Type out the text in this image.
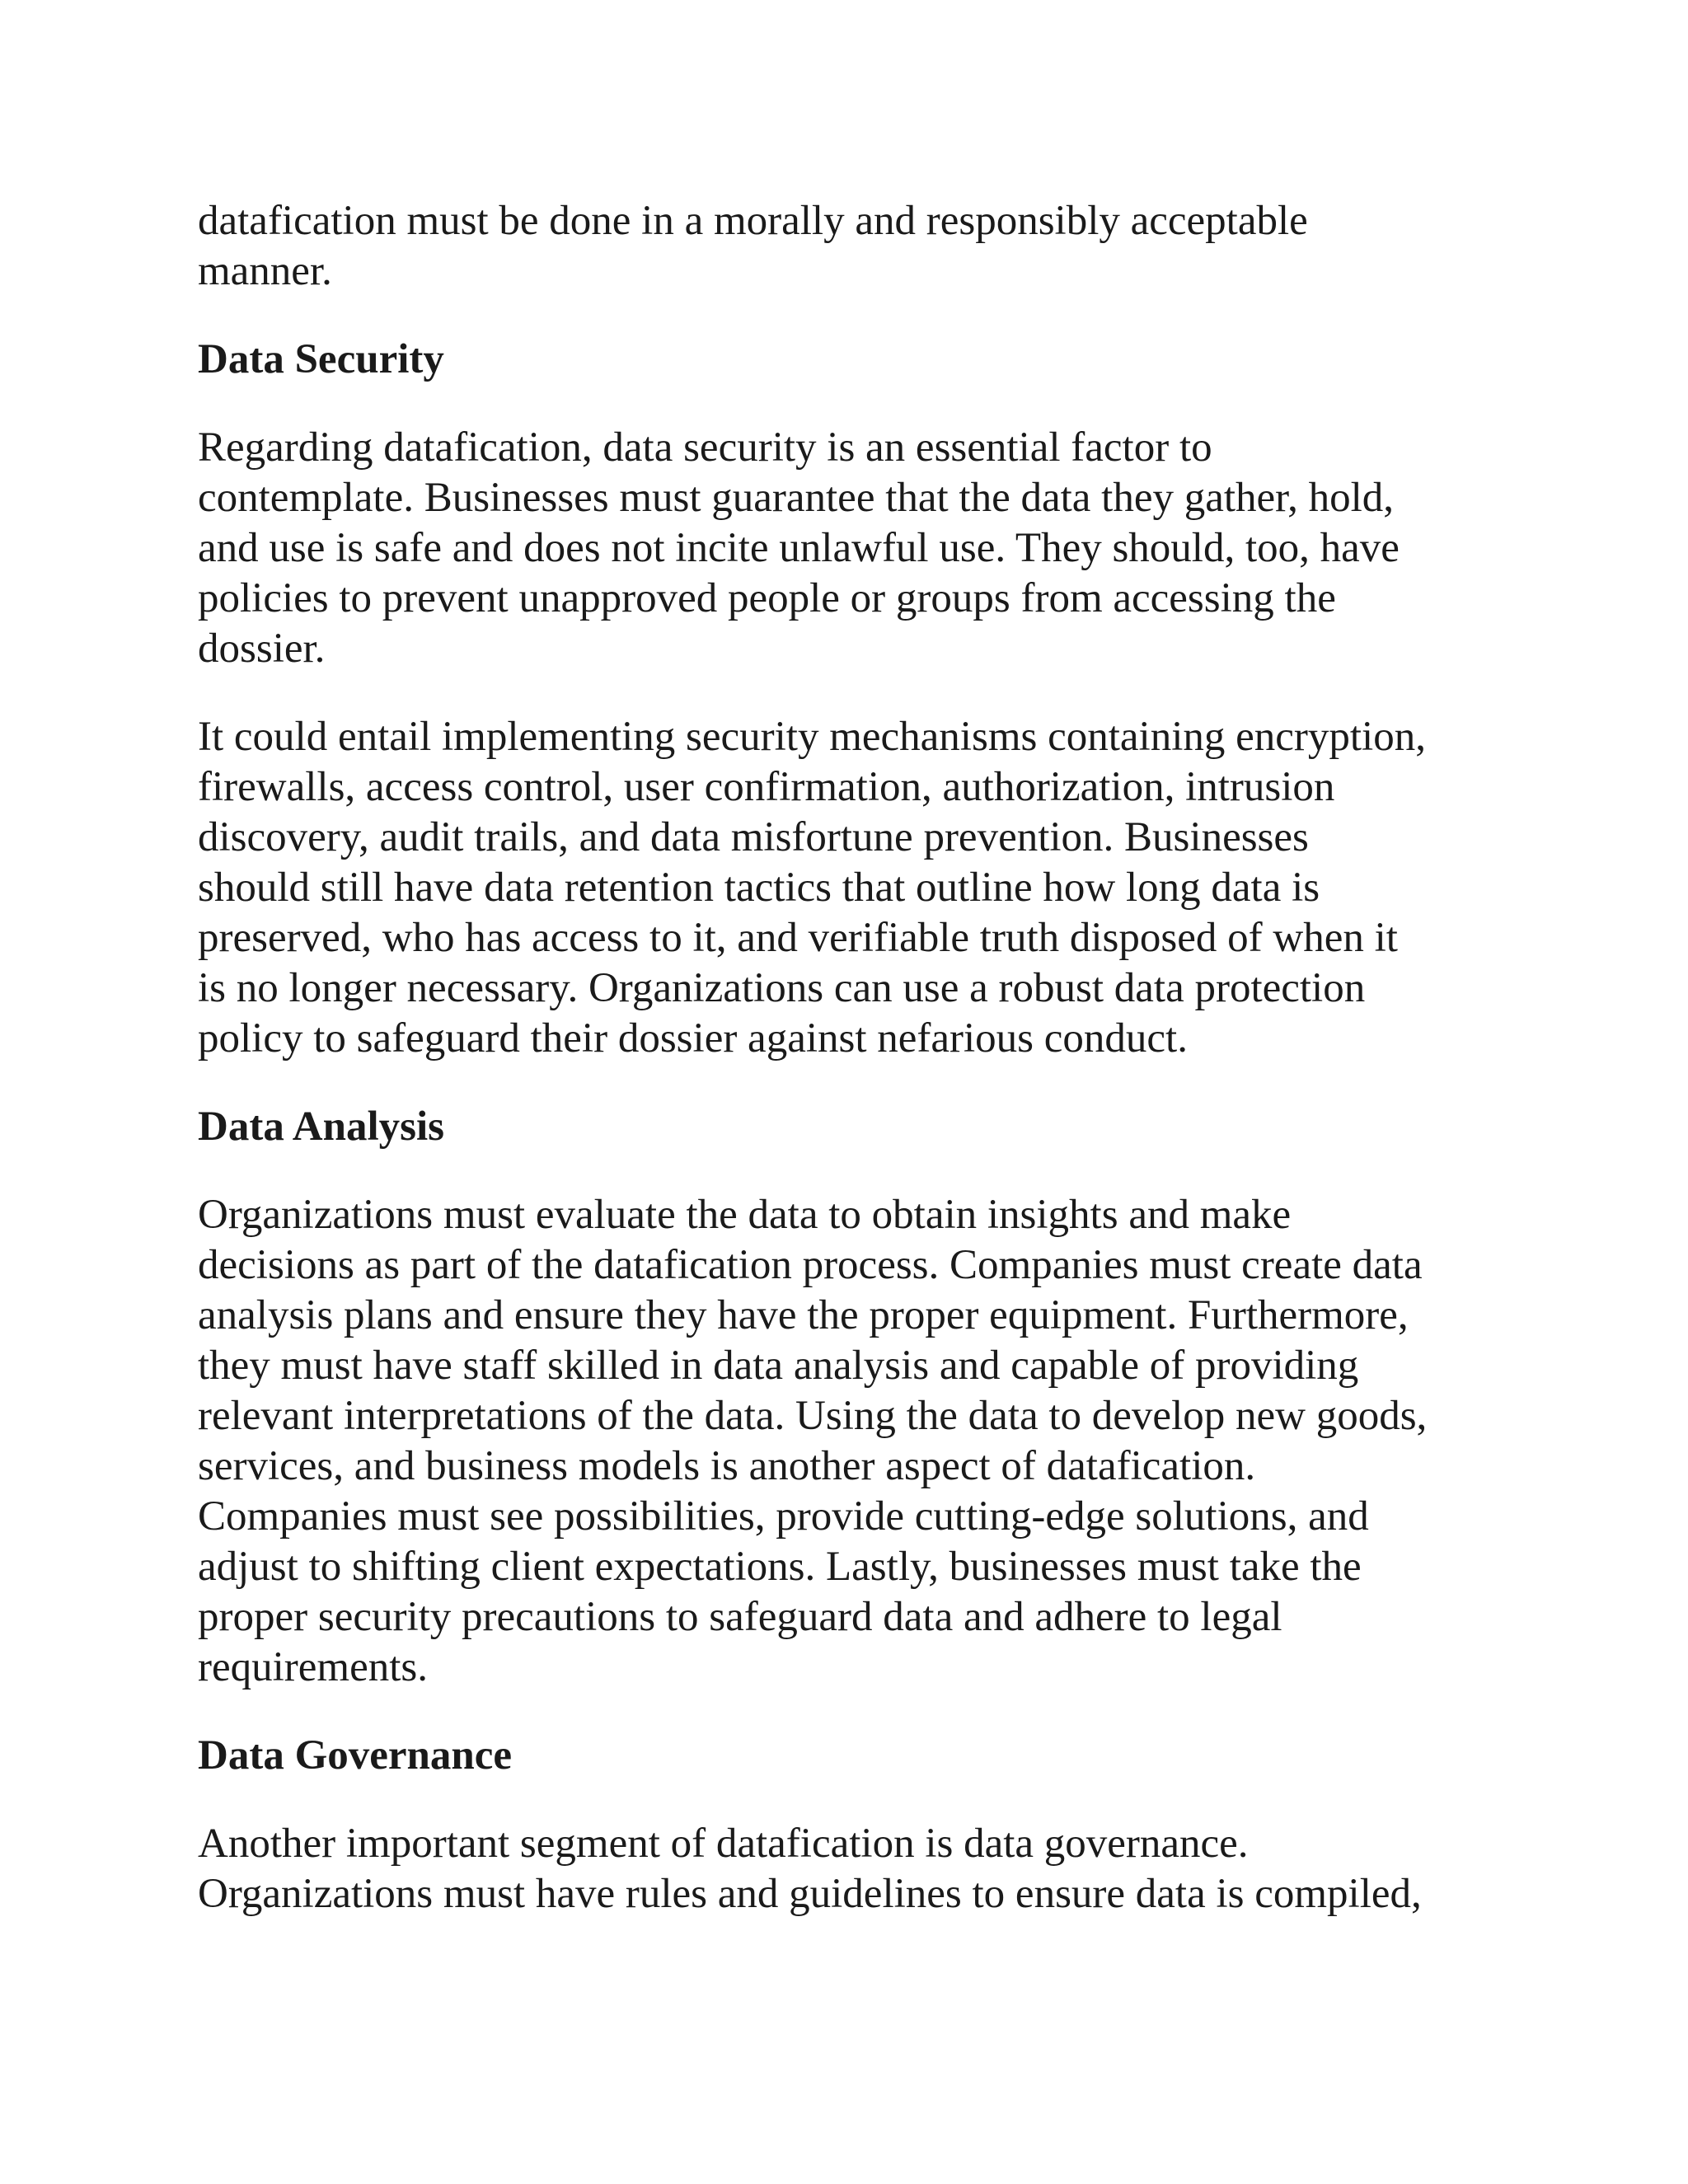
datafication must be done in a morally and responsibly acceptable
manner.
Data Security
Regarding datafication, data security is an essential factor to
contemplate. Businesses must guarantee that the data they gather, hold,
and use is safe and does not incite unlawful use. They should, too, have
policies to prevent unapproved people or groups from accessing the
dossier.
It could entail implementing security mechanisms containing encryption,
firewalls, access control, user confirmation, authorization, intrusion
discovery, audit trails, and data misfortune prevention. Businesses
should still have data retention tactics that outline how long data is
preserved, who has access to it, and verifiable truth disposed of when it
is no longer necessary. Organizations can use a robust data protection
policy to safeguard their dossier against nefarious conduct.
Data Analysis
Organizations must evaluate the data to obtain insights and make
decisions as part of the datafication process. Companies must create data
analysis plans and ensure they have the proper equipment. Furthermore,
they must have staff skilled in data analysis and capable of providing
relevant interpretations of the data. Using the data to develop new goods,
services, and business models is another aspect of datafication.
Companies must see possibilities, provide cutting-edge solutions, and
adjust to shifting client expectations. Lastly, businesses must take the
proper security precautions to safeguard data and adhere to legal
requirements.
Data Governance
Another important segment of datafication is data governance.
Organizations must have rules and guidelines to ensure data is compiled,
